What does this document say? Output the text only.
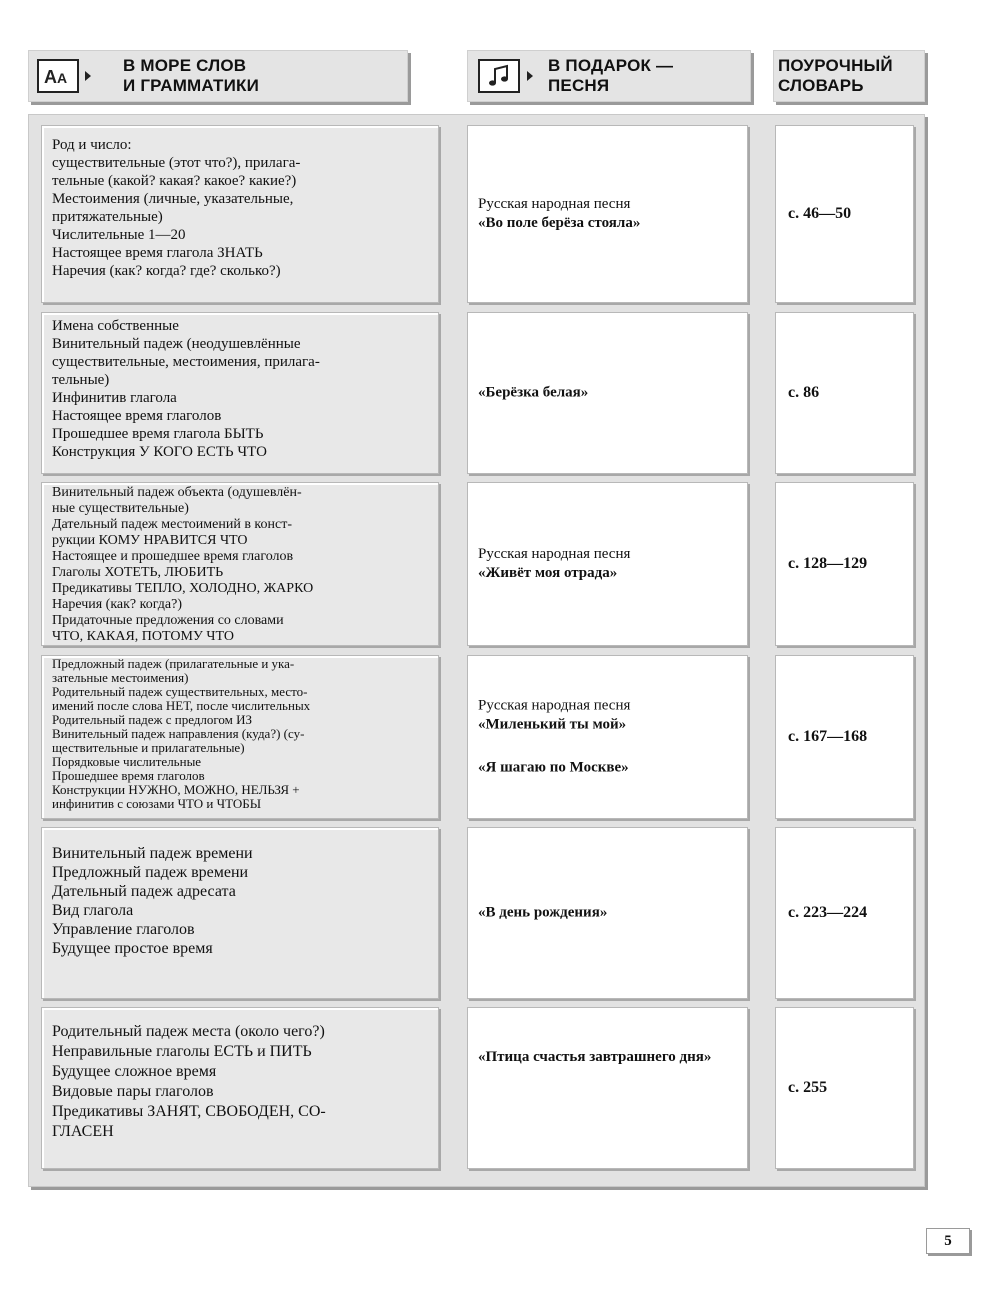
A A
В МОРЕ СЛОВ
И ГРАММАТИКИ
В ПОДАРОК —
ПЕСНЯ
ПОУРОЧНЫЙ
СЛОВАРЬ
Род и число:
существительные (этот что?), прилага-
тельные (какой? какая? какое? какие?)
Местоимения (личные, указательные,
притяжательные)
Числительные 1—20
Настоящее время глагола ЗНАТЬ
Наречия (как? когда? где? сколько?)
Русская народная песня
«Во поле берёза стояла»
с. 46—50
Имена собственные
Винительный падеж (неодушевлённые
существительные, местоимения, прилага-
тельные)
Инфинитив глагола
Настоящее время глаголов
Прошедшее время глагола БЫТЬ
Конструкция У КОГО ЕСТЬ ЧТО
«Берёзка белая»	с. 86
Винительный падеж объекта (одушевлён-
ные существительные)
Дательный падеж местоимений в конст-
рукции КОМУ НРАВИТСЯ ЧТО
Настоящее и прошедшее время глаголов
Глаголы ХОТЕТЬ, ЛЮБИТЬ
Предикативы ТЕПЛО, ХОЛОДНО, ЖАРКО
Наречия (как? когда?)
Придаточные предложения со словами
ЧТО, КАКАЯ, ПОТОМУ ЧТО
Русская народная песня
«Живёт моя отрада»
с. 128—129
Предложный падеж (прилагательные и ука-
зательные местоимения)
Родительный падеж существительных, место-
имений после слова НЕТ, после числительных
Родительный падеж с предлогом ИЗ
Винительный падеж направления (куда?) (су-
ществительные и прилагательные)
Порядковые числительные
Прошедшее время глаголов
Конструкции НУЖНО, МОЖНО, НЕЛЬЗЯ +
инфинитив с союзами ЧТО и ЧТОБЫ
Русская народная песня
«Миленький ты мой»
«Я шагаю по Москве»
с. 167—168
Винительный падеж времени
Предложный падеж времени
Дательный падеж адресата
Вид глагола
Управление глаголов
Будущее простое время
«В день рождения»	с. 223—224
Родительный падеж места (около чего?)
Неправильные глаголы ЕСТЬ и ПИТЬ
Будущее сложное время
Видовые пары глаголов
Предикативы ЗАНЯТ, СВОБОДЕН, СО-
ГЛАСЕН
«Птица счастья завтрашнего дня»
с. 255
5
